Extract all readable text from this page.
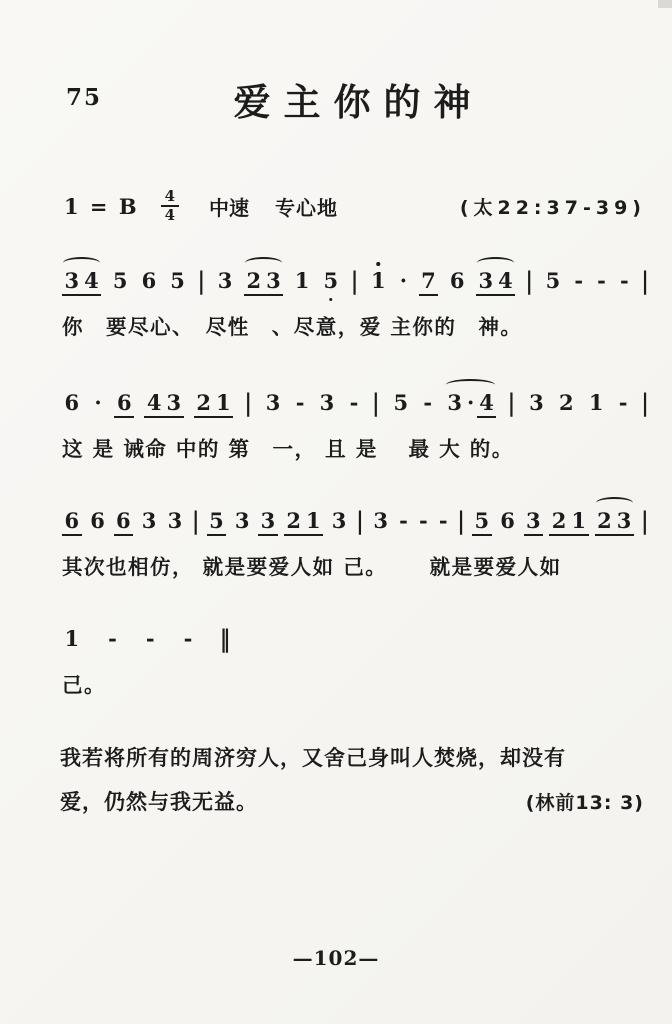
75	爱主你的神
1 = B $\frac{4}{4}$ 中速 专心地	(太22:37-39)
3 4 5 6 5 | 3 2 3 1 5 | 1 · 7 6 3 4 | 5 - - - |
你　要尽心、　尽性　、尽意，爱 主你的　神。
6 · 6 4 3 2 1 | 3 - 3 - | 5 - 3 · 4 | 3 2 1 - |
这 是 诫命 中的 第　一， 且 是　 最 大 的。
6 6 6 3 3 | 5 3 3 2 1 3 | 3 - - - | 5 6 3 2 1 2 3 |
其次也相仿， 就是要爱人如 己。　　 就是要爱人如
1 - - - ‖
己。
我若将所有的周济穷人，又舍己身叫人焚烧，却没有
爱，仍然与我无益。	(林前13: 3)
—102—
